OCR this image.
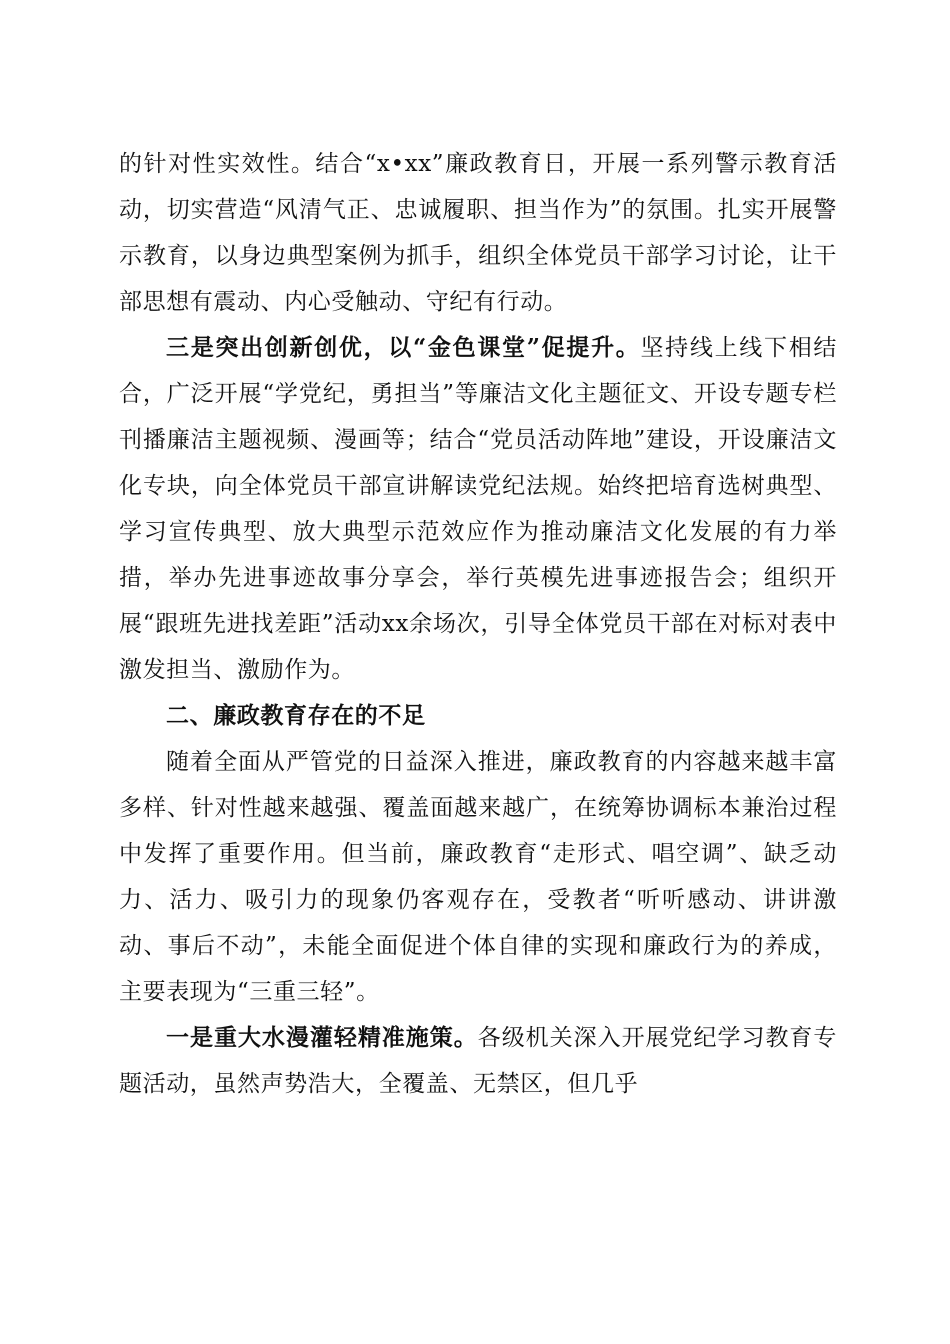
的针对性实效性。结合“x•xx”廉政教育日，开展一系列警示教育活动，切实营造“风清气正、忠诚履职、担当作为”的氛围。扎实开展警示教育，以身边典型案例为抓手，组织全体党员干部学习讨论，让干部思想有震动、内心受触动、守纪有行动。

三是突出创新创优，以“金色课堂”促提升。坚持线上线下相结合，广泛开展“学党纪，勇担当”等廉洁文化主题征文、开设专题专栏刊播廉洁主题视频、漫画等；结合“党员活动阵地”建设，开设廉洁文化专块，向全体党员干部宣讲解读党纪法规。始终把培育选树典型、学习宣传典型、放大典型示范效应作为推动廉洁文化发展的有力举措，举办先进事迹故事分享会，举行英模先进事迹报告会；组织开展“跟班先进找差距”活动xx余场次，引导全体党员干部在对标对表中激发担当、激励作为。

二、廉政教育存在的不足

随着全面从严管党的日益深入推进，廉政教育的内容越来越丰富多样、针对性越来越强、覆盖面越来越广，在统筹协调标本兼治过程中发挥了重要作用。但当前，廉政教育“走形式、唱空调”、缺乏动力、活力、吸引力的现象仍客观存在，受教者“听听感动、讲讲激动、事后不动”，未能全面促进个体自律的实现和廉政行为的养成，主要表现为“三重三轻”。

一是重大水漫灌轻精准施策。各级机关深入开展党纪学习教育专题活动，虽然声势浩大，全覆盖、无禁区，但几乎
